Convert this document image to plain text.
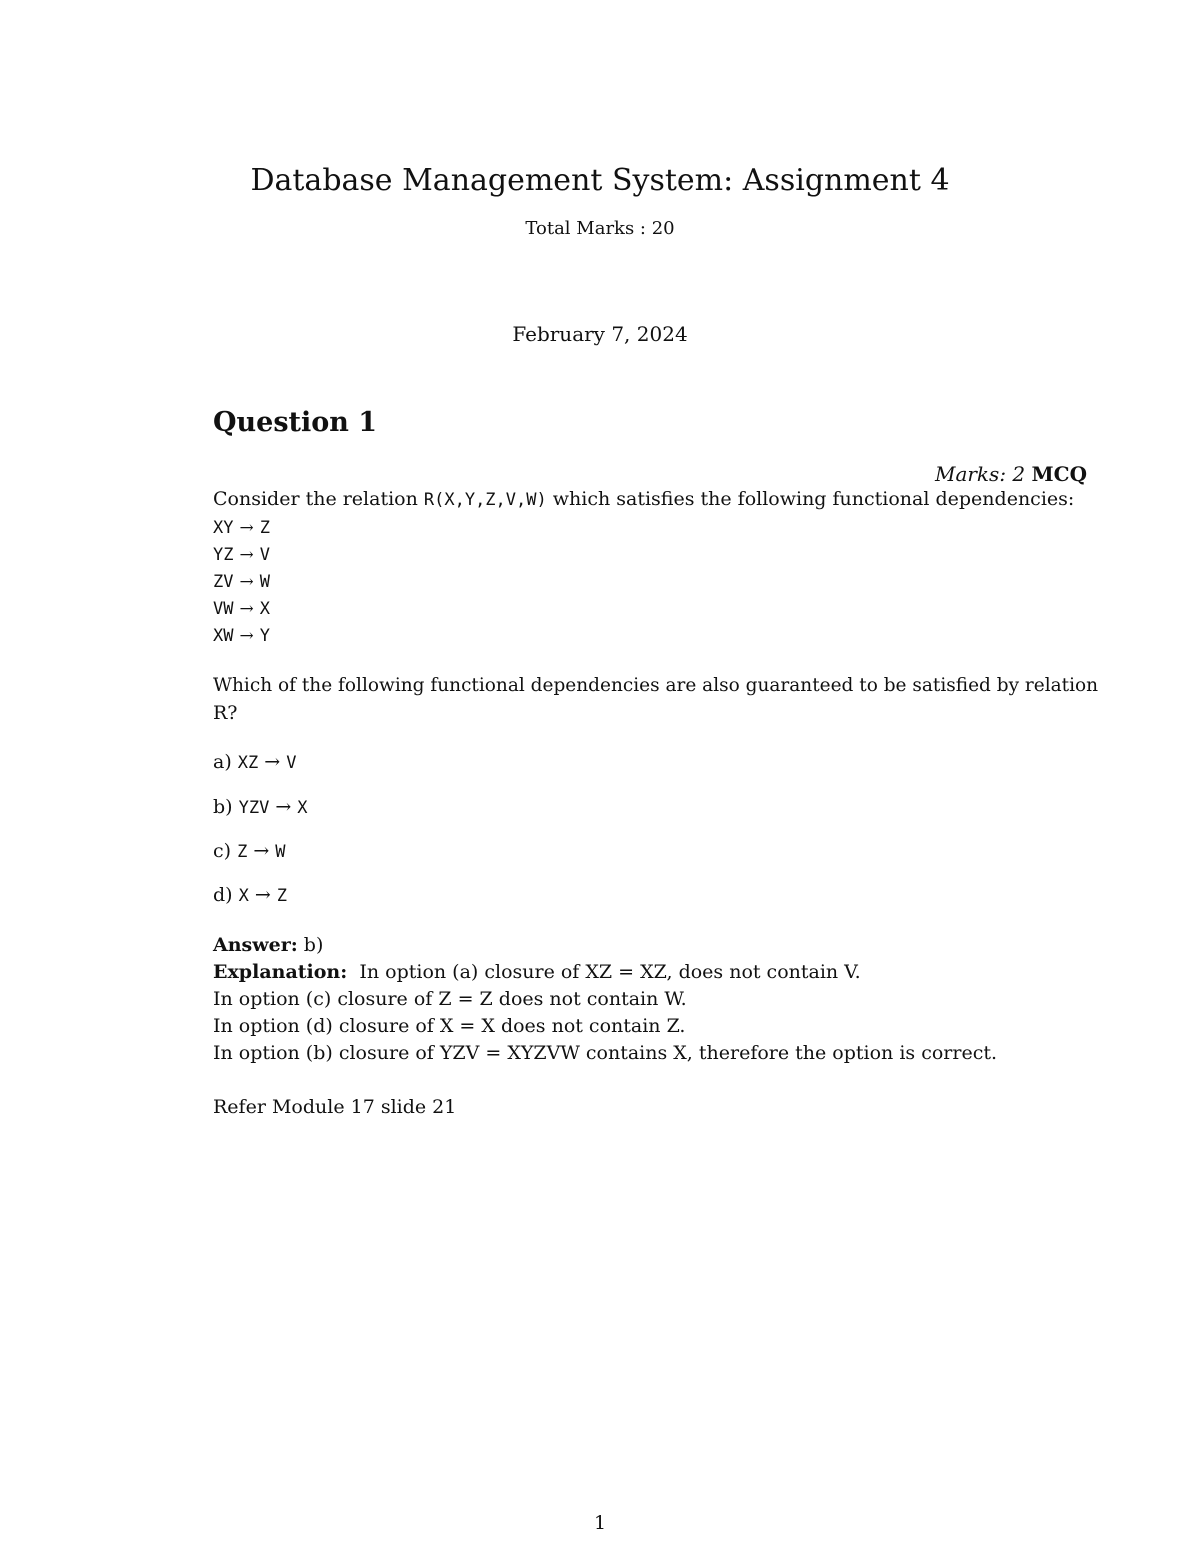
Database Management System: Assignment 4
Total Marks : 20
February 7, 2024
Question 1
Marks: 2 MCQ
Consider the relation R(X,Y,Z,V,W) which satisfies the following functional dependencies:
XY → Z
YZ → V
ZV → W
VW → X
XW → Y
Which of the following functional dependencies are also guaranteed to be satisfied by relation
R?
a) XZ → V
b) YZV → X
c) Z → W
d) X → Z
Answer: b)
Explanation: In option (a) closure of XZ = XZ, does not contain V.
In option (c) closure of Z = Z does not contain W.
In option (d) closure of X = X does not contain Z.
In option (b) closure of YZV = XYZVW contains X, therefore the option is correct.
Refer Module 17 slide 21
1
